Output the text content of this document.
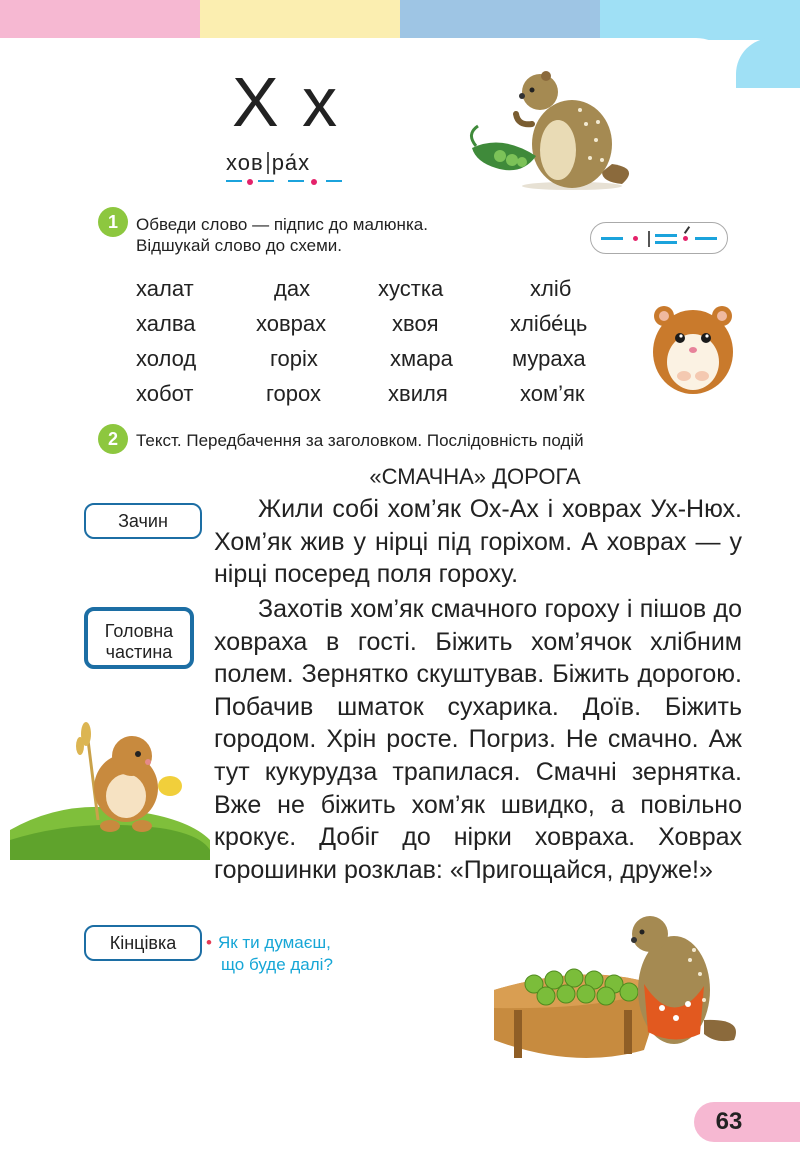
Х х
хов ра́х
1	Обведи слово — підпис до малюнка.
Відшукай слово до схеми.
халат	дах	хустка	хліб
халва	ховрах	хвоя	хлібе́ць
холод	горіх	хмара	мураха
хобот	горох	хвиля	хом’як
2	Текст. Передбачення за заголовком. Послідовність подій
«СМАЧНА» ДОРОГА

Жили собі хом’як Ох-Ах і ховрах Ух-Нюх. Хом’як жив у нірці під горіхом. А ховрах — у нірці посеред поля гороху.

Захотів хом’як смачного гороху і пішов до ховраха в гості. Біжить хом’ячок хлібним полем. Зернятко скуштував. Біжить дорогою. Побачив шматок сухарика. Доїв. Біжить городом. Хрін росте. Погриз. Не смачно. Аж тут кукурудза трапилася. Смачні зернятка. Вже не біжить хом’як швидко, а повільно крокує. Добіг до нірки ховраха. Ховрах горошинки розклав: «Пригощайся, друже!»

Зачин
Головна
частина
Кінцівка	• Як ти думаєш,
що буде далі?
63
